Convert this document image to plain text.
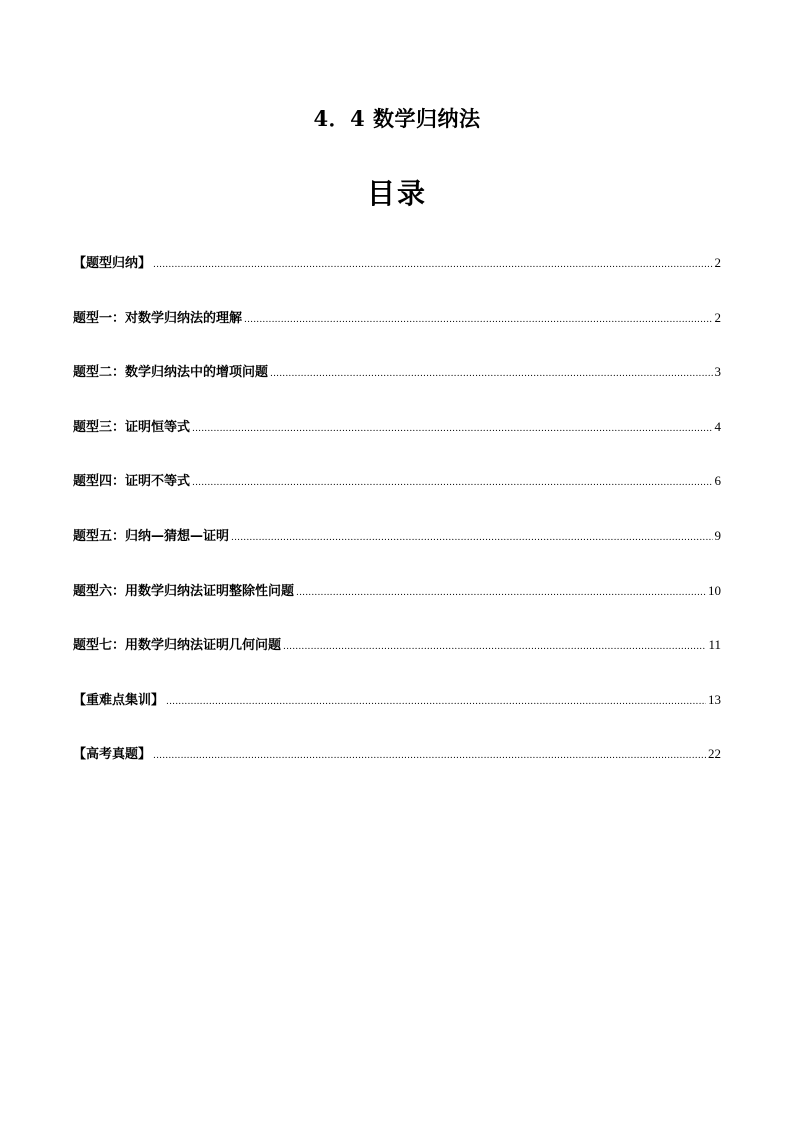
4．4 数学归纳法
目录
【题型归纳】 .....	2
题型一：对数学归纳法的理解 .....	2
题型二：数学归纳法中的增项问题 .....	3
题型三：证明恒等式 .....	4
题型四：证明不等式 .....	6
题型五：归纳—猜想—证明 .....	9
题型六：用数学归纳法证明整除性问题 .....	10
题型七：用数学归纳法证明几何问题 .....	11
【重难点集训】 .....	13
【高考真题】 .....	22
